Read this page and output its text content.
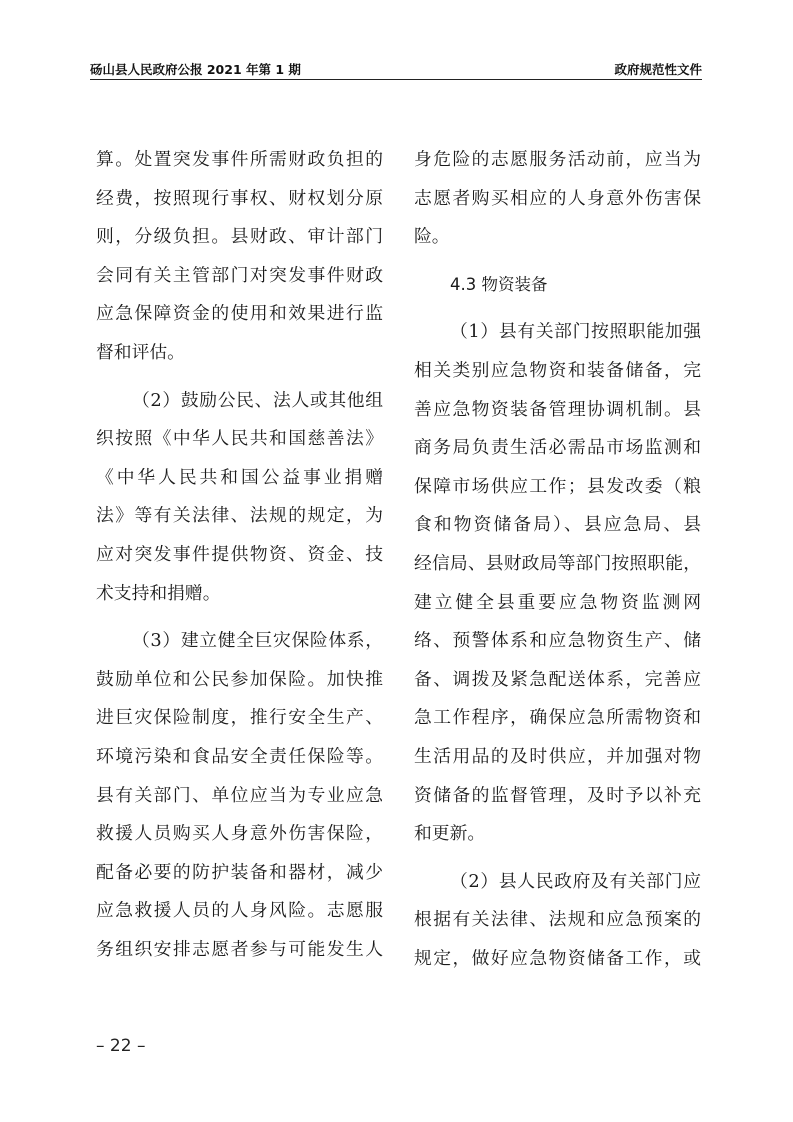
砀山县人民政府公报 2021 年第 1 期	政府规范性文件
算。处置突发事件所需财政负担的
经费，按照现行事权、财权划分原
则，分级负担。县财政、审计部门
会同有关主管部门对突发事件财政
应急保障资金的使用和效果进行监
督和评估。
（2）鼓励公民、法人或其他组
织按照《中华人民共和国慈善法》
《中华人民共和国公益事业捐赠
法》等有关法律、法规的规定，为
应对突发事件提供物资、资金、技
术支持和捐赠。
（3）建立健全巨灾保险体系，
鼓励单位和公民参加保险。加快推
进巨灾保险制度，推行安全生产、
环境污染和食品安全责任保险等。
县有关部门、单位应当为专业应急
救援人员购买人身意外伤害保险，
配备必要的防护装备和器材，减少
应急救援人员的人身风险。志愿服
务组织安排志愿者参与可能发生人
身危险的志愿服务活动前，应当为
志愿者购买相应的人身意外伤害保
险。
4.3 物资装备
（1）县有关部门按照职能加强
相关类别应急物资和装备储备，完
善应急物资装备管理协调机制。县
商务局负责生活必需品市场监测和
保障市场供应工作；县发改委（粮
食和物资储备局）、县应急局、县
经信局、县财政局等部门按照职能，
建立健全县重要应急物资监测网
络、预警体系和应急物资生产、储
备、调拨及紧急配送体系，完善应
急工作程序，确保应急所需物资和
生活用品的及时供应，并加强对物
资储备的监督管理，及时予以补充
和更新。
（2）县人民政府及有关部门应
根据有关法律、法规和应急预案的
规定，做好应急物资储备工作，或
– 22 –
